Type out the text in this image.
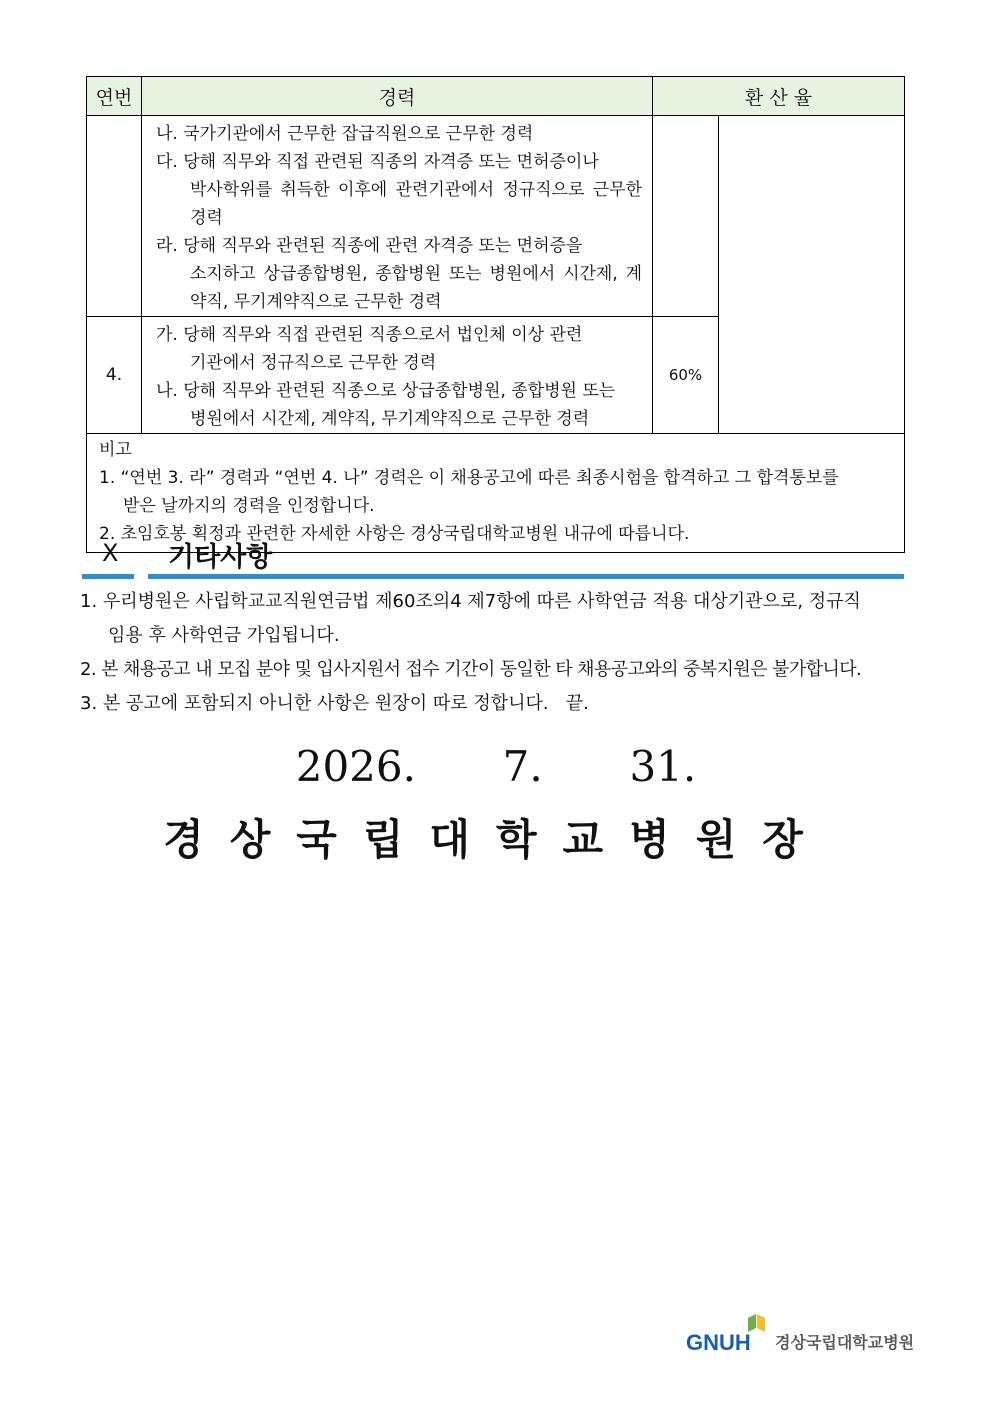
연번	경력	환 산 율	

	나. 국가기관에서 근무한 잡급직원으로 근무한 경력
다. 당해 직무와 직접 관련된 직종의 자격증 또는 면허증이나
박사학위를 취득한 이후에 관련기관에서 정규직으로 근무한 경력
라. 당해 직무와 관련된 직종에 관련 자격증 또는 면허증을
소지하고 상급종합병원, 종합병원 또는 병원에서 시간제, 계약직, 무기계약직으로 근무한 경력		

4.	가. 당해 직무와 직접 관련된 직종으로서 법인체 이상 관련
기관에서 정규직으로 근무한 경력
나. 당해 직무와 관련된 직종으로 상급종합병원, 종합병원 또는
병원에서 시간제, 계약직, 무기계약직으로 근무한 경력	60%	

비고
1. “연번 3. 라” 경력과 “연번 4. 나” 경력은 이 채용공고에 따른 최종시험을 합격하고 그 합격통보를
받은 날까지의 경력을 인정합니다.
2. 초임호봉 획정과 관련한 자세한 사항은 경상국립대학교병원 내규에 따릅니다.			
X 기타사항
1. 우리병원은 사립학교교직원연금법 제60조의4 제7항에 따른 사학연금 적용 대상기관으로, 정규직
임용 후 사학연금 가입됩니다.
2. 본 채용공고 내 모집 분야 및 입사지원서 접수 기간이 동일한 타 채용공고와의 중복지원은 불가합니다.
3. 본 공고에 포함되지 아니한 사항은 원장이 따로 정합니다.   끝.
2026.  7.  31.
경상국립대학교병원장
GNUH 경상국립대학교병원
